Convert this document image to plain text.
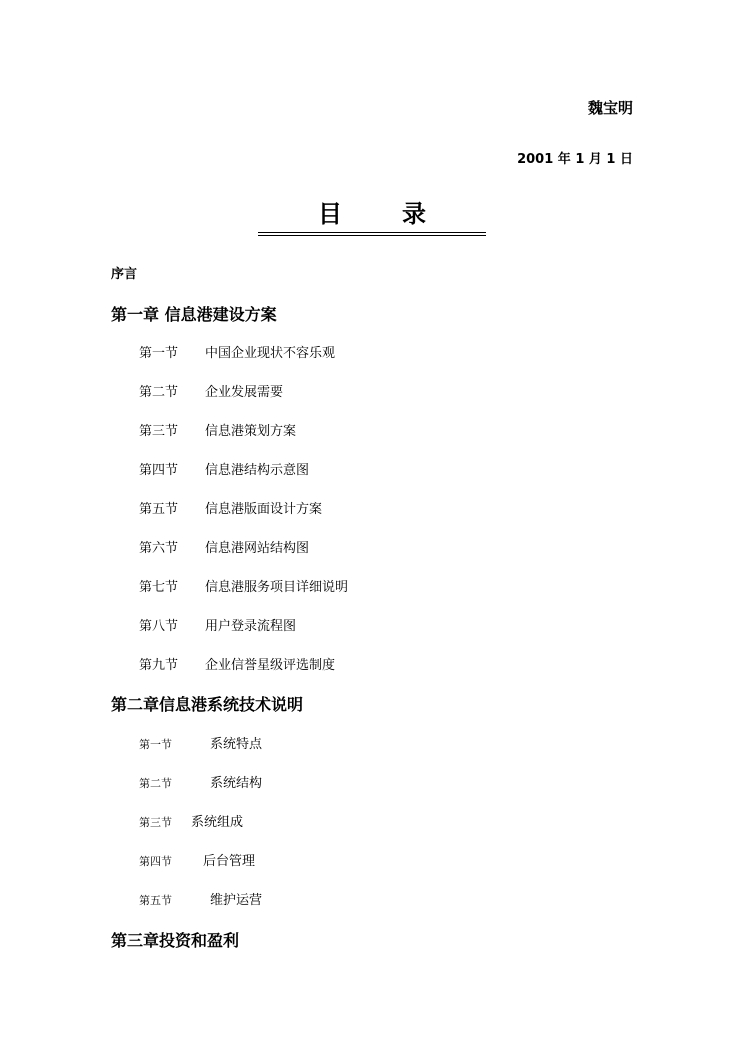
魏宝明
2001 年 1 月 1 日
目录
序言
第一章 信息港建设方案
第一节	中国企业现状不容乐观
第二节	企业发展需要
第三节	信息港策划方案
第四节	信息港结构示意图
第五节	信息港版面设计方案
第六节	信息港网站结构图
第七节	信息港服务项目详细说明
第八节	用户登录流程图
第九节	企业信誉星级评选制度
第二章信息港系统技术说明
第一节	系统特点
第二节	系统结构
第三节	系统组成
第四节	后台管理
第五节	维护运营
第三章投资和盈利
